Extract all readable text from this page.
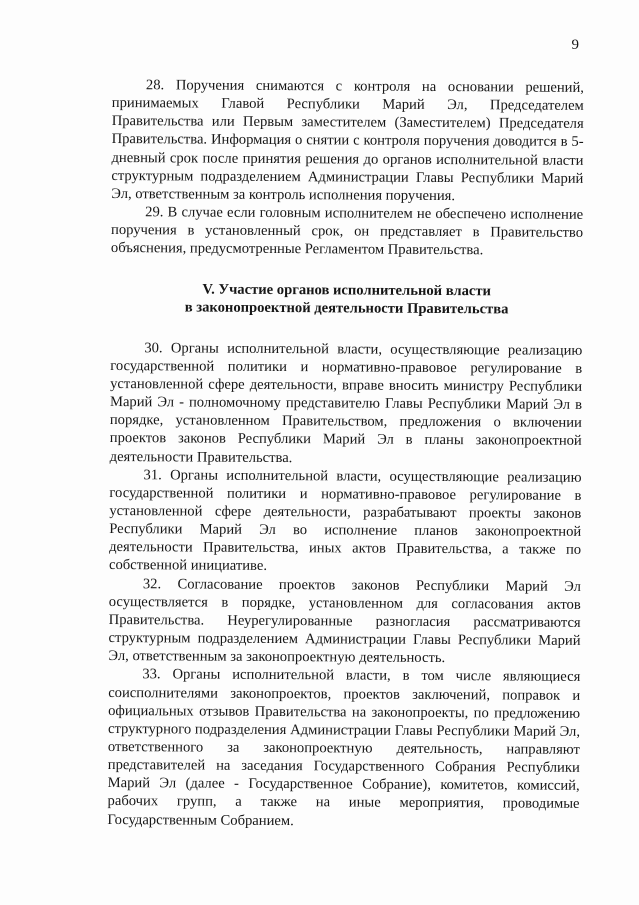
9

28. Поручения снимаются с контроля на основании решений, принимаемых Главой Республики Марий Эл, Председателем Правительства или Первым заместителем (Заместителем) Председателя Правительства. Информация о снятии с контроля поручения доводится в 5-дневный срок после принятия решения до органов исполнительной власти структурным подразделением Администрации Главы Республики Марий Эл, ответственным за контроль исполнения поручения.

29. В случае если головным исполнителем не обеспечено исполнение поручения в установленный срок, он представляет в Правительство объяснения, предусмотренные Регламентом Правительства.

V. Участие органов исполнительной власти
в законопроектной деятельности Правительства

30. Органы исполнительной власти, осуществляющие реализацию государственной политики и нормативно-правовое регулирование в установленной сфере деятельности, вправе вносить министру Республики Марий Эл - полномочному представителю Главы Республики Марий Эл в порядке, установленном Правительством, предложения о включении проектов законов Республики Марий Эл в планы законопроектной деятельности Правительства.

31. Органы исполнительной власти, осуществляющие реализацию государственной политики и нормативно-правовое регулирование в установленной сфере деятельности, разрабатывают проекты законов Республики Марий Эл во исполнение планов законопроектной деятельности Правительства, иных актов Правительства, а также по собственной инициативе.

32. Согласование проектов законов Республики Марий Эл осуществляется в порядке, установленном для согласования актов Правительства. Неурегулированные разногласия рассматриваются структурным подразделением Администрации Главы Республики Марий Эл, ответственным за законопроектную деятельность.

33. Органы исполнительной власти, в том числе являющиеся соисполнителями законопроектов, проектов заключений, поправок и официальных отзывов Правительства на законопроекты, по предложению структурного подразделения Администрации Главы Республики Марий Эл, ответственного за законопроектную деятельность, направляют представителей на заседания Государственного Собрания Республики Марий Эл (далее - Государственное Собрание), комитетов, комиссий, рабочих групп, а также на иные мероприятия, проводимые Государственным Собранием.
